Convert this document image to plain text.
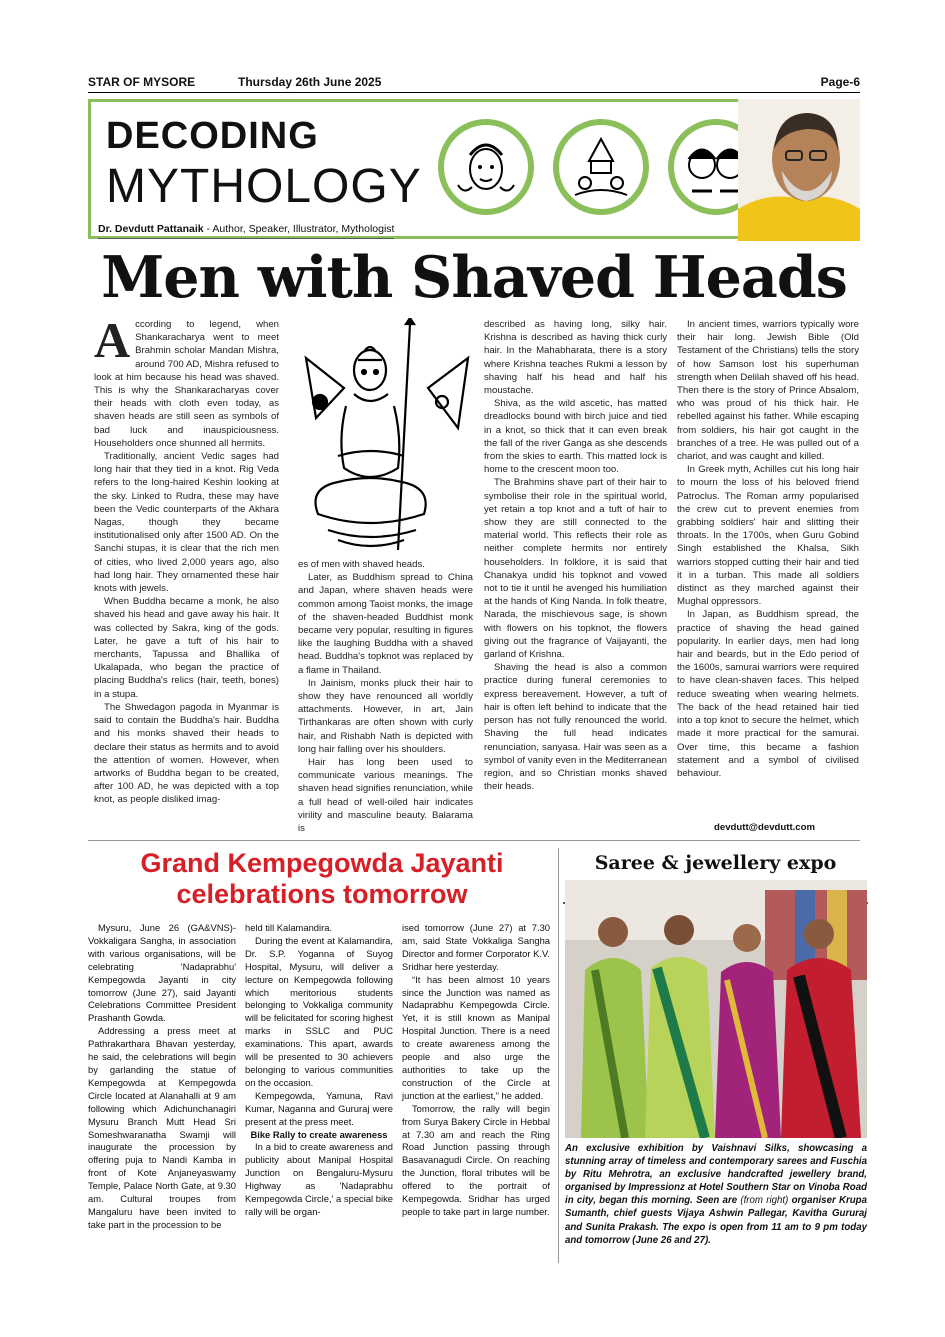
STAR OF MYSORE	Thursday 26th June 2025	Page-6
DECODING
MYTHOLOGY
Dr. Devdutt Pattanaik - Author, Speaker, Illustrator, Mythologist
Men with Shaved Heads

According to legend, when Shankaracharya went to meet Brahmin scholar Mandan Mishra, around 700 AD, Mishra refused to look at him because his head was shaved. This is why the Shankaracharyas cover their heads with cloth even today, as shaven heads are still seen as symbols of bad luck and inauspiciousness. Householders once shunned all hermits.

Traditionally, ancient Vedic sages had long hair that they tied in a knot. Rig Veda refers to the long-haired Keshin looking at the sky. Linked to Rudra, these may have been the Vedic counterparts of the Akhara Nagas, though they became institutionalised only after 1500 AD. On the Sanchi stupas, it is clear that the rich men of cities, who lived 2,000 years ago, also had long hair. They ornamented these hair knots with jewels.

When Buddha became a monk, he also shaved his head and gave away his hair. It was collected by Sakra, king of the gods. Later, he gave a tuft of his hair to merchants, Tapussa and Bhallika of Ukalapada, who began the practice of placing Buddha's relics (hair, teeth, bones) in a stupa.

The Shwedagon pagoda in Myanmar is said to contain the Buddha's hair. Buddha and his monks shaved their heads to declare their status as hermits and to avoid the attention of women. However, when artworks of Buddha began to be created, after 100 AD, he was depicted with a top knot, as people disliked imag-

es of men with shaved heads.

Later, as Buddhism spread to China and Japan, where shaven heads were common among Taoist monks, the image of the shaven-headed Buddhist monk became very popular, resulting in figures like the laughing Buddha with a shaved head. Buddha's topknot was replaced by a flame in Thailand.

In Jainism, monks pluck their hair to show they have renounced all worldly attachments. However, in art, Jain Tirthankaras are often shown with curly hair, and Rishabh Nath is depicted with long hair falling over his shoulders.

Hair has long been used to communicate various meanings. The shaven head signifies renunciation, while a full head of well-oiled hair indicates virility and masculine beauty. Balarama is

described as having long, silky hair. Krishna is described as having thick curly hair. In the Mahabharata, there is a story where Krishna teaches Rukmi a lesson by shaving half his head and half his moustache.

Shiva, as the wild ascetic, has matted dreadlocks bound with birch juice and tied in a knot, so thick that it can even break the fall of the river Ganga as she descends from the skies to earth. This matted lock is home to the crescent moon too.

The Brahmins shave part of their hair to symbolise their role in the spiritual world, yet retain a top knot and a tuft of hair to show they are still connected to the material world. This reflects their role as neither complete hermits nor entirely householders. In folklore, it is said that Chanakya undid his topknot and vowed not to tie it until he avenged his humiliation at the hands of King Nanda. In folk theatre, Narada, the mischievous sage, is shown with flowers on his topknot, the flowers giving out the fragrance of Vaijayanti, the garland of Krishna.

Shaving the head is also a common practice during funeral ceremonies to express bereavement. However, a tuft of hair is often left behind to indicate that the person has not fully renounced the world. Shaving the full head indicates renunciation, sanyasa. Hair was seen as a symbol of vanity even in the Mediterranean region, and so Christian monks shaved their heads.

In ancient times, warriors typically wore their hair long. Jewish Bible (Old Testament of the Christians) tells the story of how Samson lost his superhuman strength when Delilah shaved off his head. Then there is the story of Prince Absalom, who was proud of his thick hair. He rebelled against his father. While escaping from soldiers, his hair got caught in the branches of a tree. He was pulled out of a chariot, and was caught and killed.

In Greek myth, Achilles cut his long hair to mourn the loss of his beloved friend Patroclus. The Roman army popularised the crew cut to prevent enemies from grabbing soldiers' hair and slitting their throats. In the 1700s, when Guru Gobind Singh established the Khalsa, Sikh warriors stopped cutting their hair and tied it in a turban. This made all soldiers distinct as they marched against their Mughal oppressors.

In Japan, as Buddhism spread, the practice of shaving the head gained popularity. In earlier days, men had long hair and beards, but in the Edo period of the 1600s, samurai warriors were required to have clean-shaven faces. This helped reduce sweating when wearing helmets. The back of the head retained hair tied into a top knot to secure the helmet, which made it more practical for the samurai. Over time, this became a fashion statement and a symbol of civilised behaviour.

devdutt@devdutt.com
Grand Kempegowda Jayanti
celebrations tomorrow

Mysuru, June 26 (GA&VNS)- Vokkaligara Sangha, in association with various organisations, will be celebrating 'Nadaprabhu' Kempegowda Jayanti in city tomorrow (June 27), said Jayanti Celebrations Committee President Prashanth Gowda.

Addressing a press meet at Pathrakarthara Bhavan yesterday, he said, the celebrations will begin by garlanding the statue of Kempegowda at Kempegowda Circle located at Alanahalli at 9 am following which Adichunchanagiri Mysuru Branch Mutt Head Sri Someshwaranatha Swamji will inaugurate the procession by offering puja to Nandi Kamba in front of Kote Anjaneyaswamy Temple, Palace North Gate, at 9.30 am. Cultural troupes from Mangaluru have been invited to take part in the procession to be

held till Kalamandira.

During the event at Kalamandira, Dr. S.P. Yoganna of Suyog Hospital, Mysuru, will deliver a lecture on Kempegowda following which meritorious students belonging to Vokkaliga community will be felicitated for scoring highest marks in SSLC and PUC examinations. This apart, awards will be presented to 30 achievers belonging to various communities on the occasion.

Kempegowda, Yamuna, Ravi Kumar, Naganna and Gururaj were present at the press meet.

Bike Rally to create awareness

In a bid to create awareness and publicity about Manipal Hospital Junction on Bengaluru-Mysuru Highway as 'Nadaprabhu Kempegowda Circle,' a special bike rally will be organ-

ised tomorrow (June 27) at 7.30 am, said State Vokkaliga Sangha Director and former Corporator K.V. Sridhar here yesterday.

“It has been almost 10 years since the Junction was named as Nadaprabhu Kempegowda Circle. Yet, it is still known as Manipal Hospital Junction. There is a need to create awareness among the people and also urge the authorities to take up the construction of the Circle at junction at the earliest,” he added.

Tomorrow, the rally will begin from Surya Bakery Circle in Hebbal at 7.30 am and reach the Ring Road Junction passing through Basavanagudi Circle. On reaching the Junction, floral tributes will be offered to the portrait of Kempegowda. Sridhar has urged people to take part in large number.

Saree & jewellery expo
An exclusive exhibition by Vaishnavi Silks, showcasing a stunning array of timeless and contemporary sarees and Fuschia by Ritu Mehrotra, an exclusive handcrafted jewellery brand, organised by Impressionz at Hotel Southern Star on Vinoba Road in city, began this morning. Seen are (from right) organiser Krupa Sumanth, chief guests Vijaya Ashwin Pallegar, Kavitha Gururaj and Sunita Prakash. The expo is open from 11 am to 9 pm today and tomorrow (June 26 and 27).
